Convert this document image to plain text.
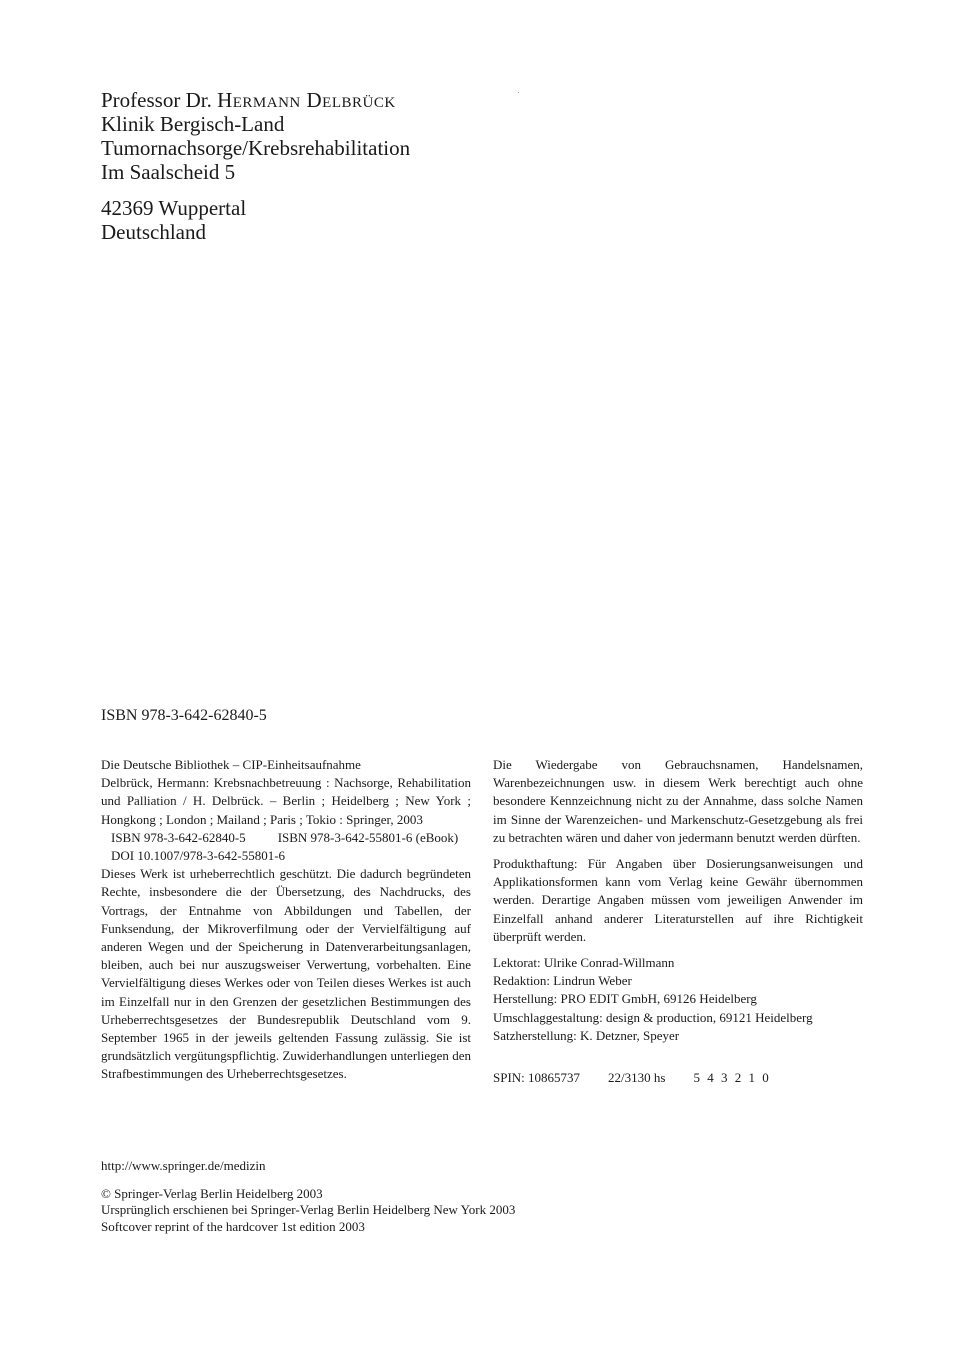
Professor Dr. Hermann Delbrück
Klinik Bergisch-Land
Tumornachsorge/Krebsrehabilitation
Im Saalscheid 5
42369 Wuppertal
Deutschland
ISBN 978-3-642-62840-5
Die Deutsche Bibliothek – CIP-Einheitsaufnahme

Delbrück, Hermann: Krebsnachbetreuung : Nachsorge, Rehabilitation und Palliation / H. Delbrück. – Berlin ; Heidelberg ; New York ; Hongkong ; London ; Mailand ; Paris ; Tokio : Springer, 2003

ISBN 978-3-642-62840-5 ISBN 978-3-642-55801-6 (eBook)
DOI 10.1007/978-3-642-55801-6

Dieses Werk ist urheberrechtlich geschützt. Die dadurch begründeten Rechte, insbesondere die der Übersetzung, des Nachdrucks, des Vortrags, der Entnahme von Abbildungen und Tabellen, der Funksendung, der Mikroverfilmung oder der Vervielfältigung auf anderen Wegen und der Speicherung in Datenverarbeitungsanlagen, bleiben, auch bei nur auszugsweiser Verwertung, vorbehalten. Eine Vervielfältigung dieses Werkes oder von Teilen dieses Werkes ist auch im Einzelfall nur in den Grenzen der gesetzlichen Bestimmungen des Urheberrechtsgesetzes der Bundesrepublik Deutschland vom 9. September 1965 in der jeweils geltenden Fassung zulässig. Sie ist grundsätzlich vergütungspflichtig. Zuwiderhandlungen unterliegen den Strafbestimmungen des Urheberrechtsgesetzes.

Die Wiedergabe von Gebrauchsnamen, Handelsnamen, Warenbezeichnungen usw. in diesem Werk berechtigt auch ohne besondere Kennzeichnung nicht zu der Annahme, dass solche Namen im Sinne der Warenzeichen- und Markenschutz-Gesetzgebung als frei zu betrachten wären und daher von jedermann benutzt werden dürften.

Produkthaftung: Für Angaben über Dosierungsanweisungen und Applikationsformen kann vom Verlag keine Gewähr übernommen werden. Derartige Angaben müssen vom jeweiligen Anwender im Einzelfall anhand anderer Literaturstellen auf ihre Richtigkeit überprüft werden.

Lektorat: Ulrike Conrad-Willmann
Redaktion: Lindrun Weber
Herstellung: PRO EDIT GmbH, 69126 Heidelberg
Umschlaggestaltung: design & production, 69121 Heidelberg
Satzherstellung: K. Detzner, Speyer
SPIN: 10865737 22/3130 hs 5 4 3 2 1 0
http://www.springer.de/medizin
© Springer-Verlag Berlin Heidelberg 2003
Ursprünglich erschienen bei Springer-Verlag Berlin Heidelberg New York 2003
Softcover reprint of the hardcover 1st edition 2003
